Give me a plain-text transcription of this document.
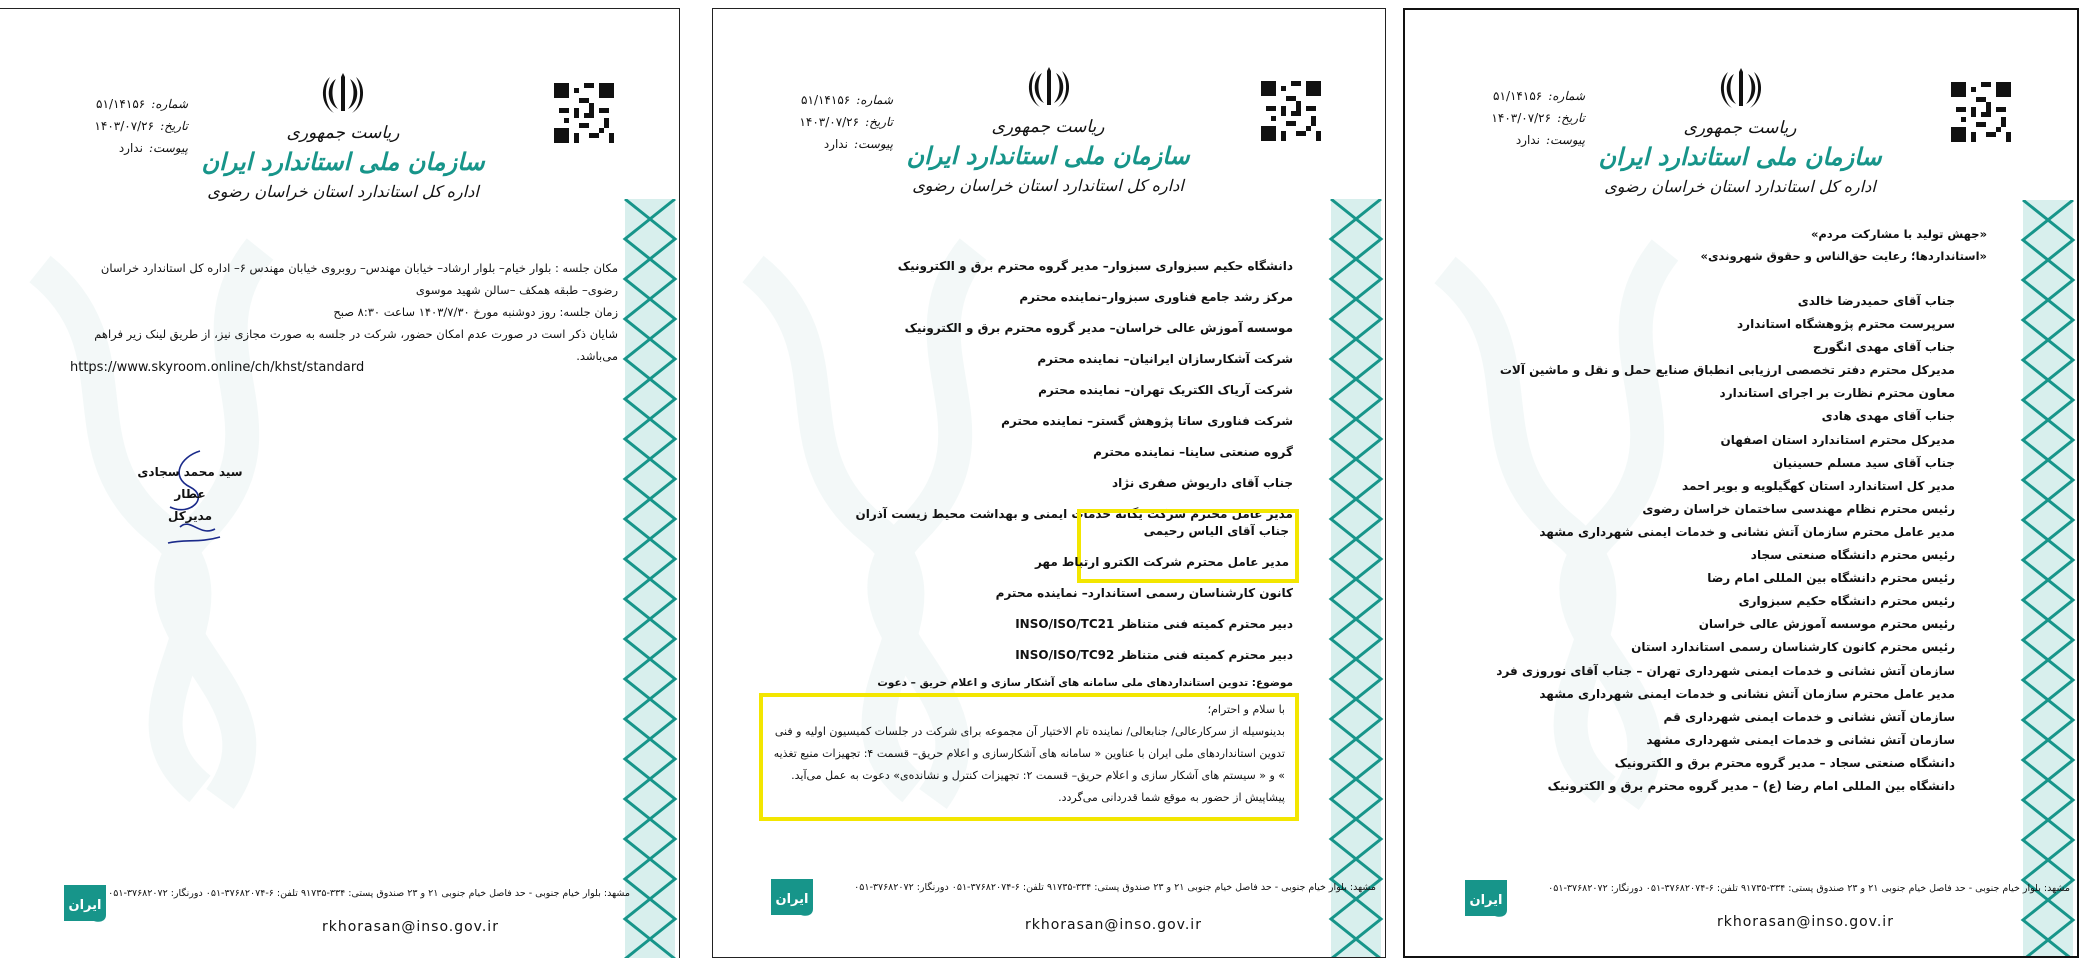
ریاست جمهوری
سازمان ملی استاندارد ایران
اداره کل استاندارد استان خراسان رضوی
شماره:۵۱/۱۴۱۵۶
تاریخ:۱۴۰۳/۰۷/۲۶
پیوست:ندارد
«جهش تولید با مشارکت مردم»
«استانداردها؛ رعایت حق‌الناس و حقوق شهروندی»
جناب آقای حمیدرضا خالدی
سرپرست محترم پژوهشگاه استاندارد
جناب آقای مهدی انگورج
مدیرکل محترم دفتر تخصصی ارزیابی انطباق صنایع حمل و نقل و ماشین آلات
معاون محترم نظارت بر اجرای استاندارد
جناب آقای مهدی هادی
مدیرکل محترم استاندارد استان اصفهان
جناب آقای سید مسلم حسینیان
مدیر کل استاندارد استان کهگیلویه و بویر احمد
رئیس محترم نظام مهندسی ساختمان خراسان رضوی
مدیر عامل محترم سازمان آتش نشانی و خدمات ایمنی شهرداری مشهد
رئیس محترم دانشگاه صنعتی سجاد
رئیس محترم دانشگاه بین المللی امام رضا
رئیس محترم دانشگاه حکیم سبزواری
رئیس محترم موسسه آموزش عالی خراسان
رئیس محترم کانون کارشناسان رسمی استاندارد استان
سازمان آتش نشانی و خدمات ایمنی شهرداری تهران – جناب آقای نوروزی فرد
مدیر عامل محترم سازمان آتش نشانی و خدمات ایمنی شهرداری مشهد
سازمان آتش نشانی و خدمات ایمنی شهرداری قم
سازمان آتش نشانی و خدمات ایمنی شهرداری مشهد
دانشگاه صنعتی سجاد – مدیر گروه محترم برق و الکترونیک
دانشگاه بین المللی امام رضا (ع) – مدیر گروه محترم برق و الکترونیک
ایران
مشهد: بلوار خیام جنوبی - حد فاصل خیام جنوبی ۲۱ و ۲۳ صندوق پستی: ۳۳۴-۹۱۷۳۵ تلفن: ۶-۳۷۶۸۲۰۷۴-۰۵۱ دورنگار: ۳۷۶۸۲۰۷۲-۰۵۱
rkhorasan@inso.gov.ir
ریاست جمهوری
سازمان ملی استاندارد ایران
اداره کل استاندارد استان خراسان رضوی
شماره:۵۱/۱۴۱۵۶
تاریخ:۱۴۰۳/۰۷/۲۶
پیوست:ندارد
دانشگاه حکیم سبزواری سبزوار– مدیر گروه محترم برق و الکترونیک
مرکز رشد جامع فناوری سبزوار–نماینده محترم
موسسه آموزش عالی خراسان– مدیر گروه محترم برق و الکترونیک
شرکت آشکارسازان ایرانیان– نماینده محترم
شرکت آریاک الکتریک تهران– نماینده محترم
شرکت فناوری ساتا پژوهش گستر– نماینده محترم
گروه صنعتی ساینا– نماینده محترم
جناب آقای داریوش صفری نژاد
مدیر عامل محترم شرکت یگانه خدمات ایمنی و بهداشت محیط زیست آذران
جناب آقای الیاس رحیمی
مدیر عامل محترم شرکت الکترو ارتباط مهر
کانون کارشناسان رسمی استاندارد– نماینده محترم
دبیر محترم کمیته فنی متناظر INSO/ISO/TC21
دبیر محترم کمیته فنی متناظر INSO/ISO/TC92
موضوع: تدوین استانداردهای ملی سامانه های آشکار سازی و اعلام حریق – دعوت
با سلام و احترام؛
بدینوسیله از سرکارعالی/ جنابعالی/ نماینده تام الاختیار آن مجموعه برای شرکت در جلسات کمیسیون اولیه و فنی تدوین استانداردهای ملی ایران با عناوین « سامانه های آشکارسازی و اعلام حریق– قسمت ۴: تجهیزات منبع تغذیه » و « سیستم های آشکار سازی و اعلام حریق– قسمت ۲: تجهیزات کنترل و نشانده‌ی» دعوت به عمل می‌آید. پیشاپیش از حضور به موقع شما قدردانی می‌گردد.
ایران
مشهد: بلوار خیام جنوبی - حد فاصل خیام جنوبی ۲۱ و ۲۳ صندوق پستی: ۳۳۴-۹۱۷۳۵ تلفن: ۶-۳۷۶۸۲۰۷۴-۰۵۱ دورنگار: ۳۷۶۸۲۰۷۲-۰۵۱
rkhorasan@inso.gov.ir
ریاست جمهوری
سازمان ملی استاندارد ایران
اداره کل استاندارد استان خراسان رضوی
شماره:۵۱/۱۴۱۵۶
تاریخ:۱۴۰۳/۰۷/۲۶
پیوست:ندارد
مکان جلسه : بلوار خیام– بلوار ارشاد– خیابان مهندس– روبروی خیابان مهندس ۶– اداره کل استاندارد خراسان رضوی– طبقه همکف –سالن شهید موسوی
زمان جلسه: روز دوشنبه مورخ ۱۴۰۳/۷/۳۰ ساعت ۸:۳۰ صبح
شایان ذکر است در صورت عدم امکان حضور، شرکت در جلسه به صورت مجازی نیز، از طریق لینک زیر فراهم می‌باشد.
https://www.skyroom.online/ch/khst/standard
سید محمد سجادی عطار
مدیرکل
ایران
مشهد: بلوار خیام جنوبی - حد فاصل خیام جنوبی ۲۱ و ۲۳ صندوق پستی: ۳۳۴-۹۱۷۳۵ تلفن: ۶-۳۷۶۸۲۰۷۴-۰۵۱ دورنگار: ۳۷۶۸۲۰۷۲-۰۵۱
rkhorasan@inso.gov.ir
